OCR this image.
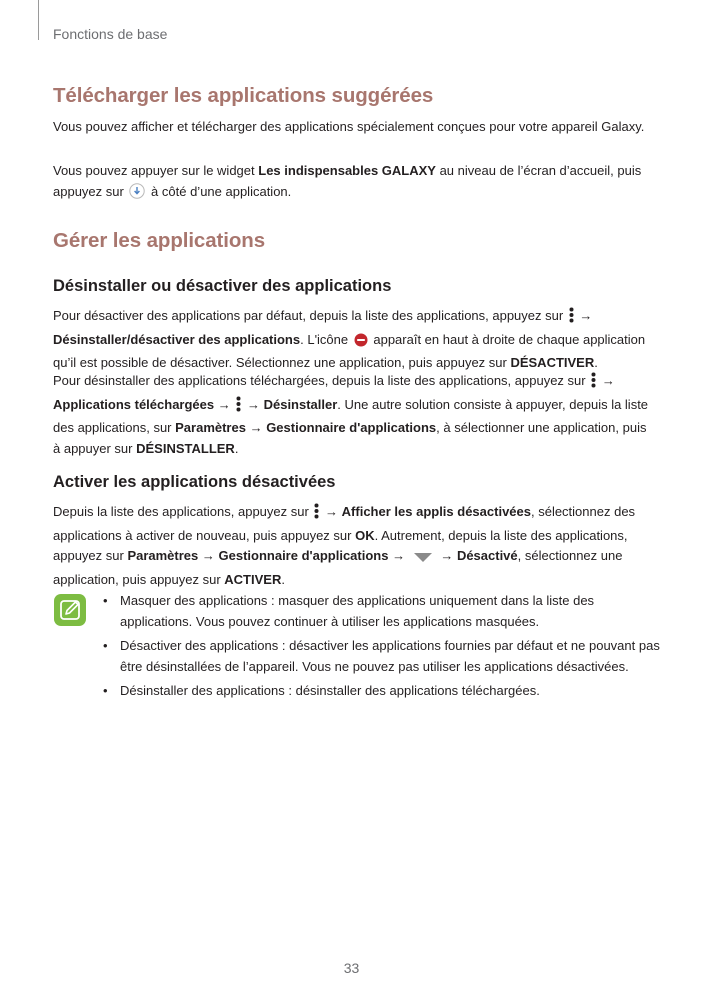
Fonctions de base
Télécharger les applications suggérées
Vous pouvez afficher et télécharger des applications spécialement conçues pour votre appareil Galaxy.
Vous pouvez appuyer sur le widget Les indispensables GALAXY au niveau de l’écran d’accueil, puis appuyez sur  à côté d’une application.
Gérer les applications
Désinstaller ou désactiver des applications
Pour désactiver des applications par défaut, depuis la liste des applications, appuyez sur  →
Désinstaller/désactiver des applications. L'icône  apparaît en haut à droite de chaque application qu’il est possible de désactiver. Sélectionnez une application, puis appuyez sur DÉSACTIVER.
Pour désinstaller des applications téléchargées, depuis la liste des applications, appuyez sur  →
Applications téléchargées →  → Désinstaller. Une autre solution consiste à appuyer, depuis la liste des applications, sur Paramètres → Gestionnaire d'applications, à sélectionner une application, puis à appuyer sur DÉSINSTALLER.
Activer les applications désactivées
Depuis la liste des applications, appuyez sur  → Afficher les applis désactivées, sélectionnez des applications à activer de nouveau, puis appuyez sur OK. Autrement, depuis la liste des applications, appuyez sur Paramètres → Gestionnaire d'applications →  → Désactivé, sélectionnez une application, puis appuyez sur ACTIVER.
• Masquer des applications : masquer des applications uniquement dans la liste des applications. Vous pouvez continuer à utiliser les applications masquées.
• Désactiver des applications : désactiver les applications fournies par défaut et ne pouvant pas être désinstallées de l’appareil. Vous ne pouvez pas utiliser les applications désactivées.
• Désinstaller des applications : désinstaller des applications téléchargées.
33
